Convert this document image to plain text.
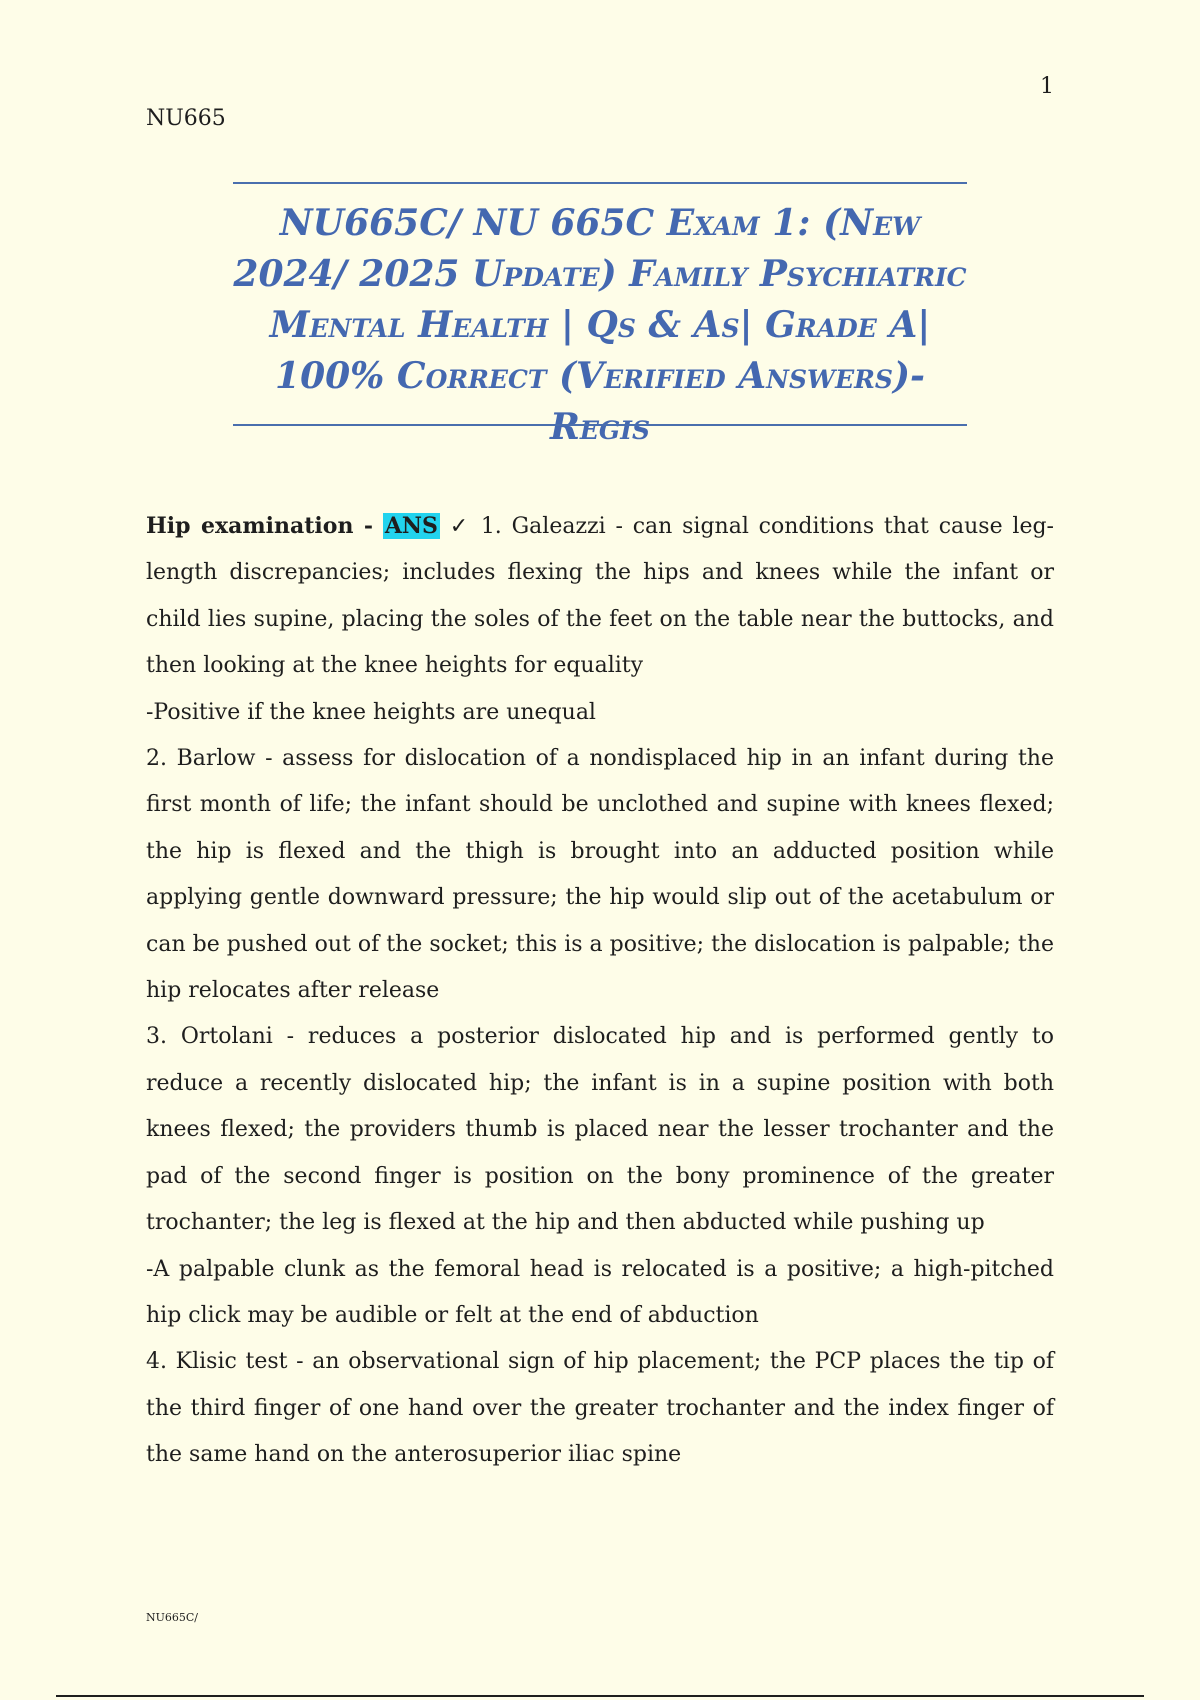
1
NU665
NU665C/ NU 665C Exam 1: (New 2024/ 2025 Update) Family Psychiatric Mental Health | Qs & As| Grade A| 100% Correct (Verified Answers)- Regis

Hip examination - ANS ✓ 1. Galeazzi - can signal conditions that cause leg-length discrepancies; includes flexing the hips and knees while the infant or child lies supine, placing the soles of the feet on the table near the buttocks, and then looking at the knee heights for equality

-Positive if the knee heights are unequal

2. Barlow - assess for dislocation of a nondisplaced hip in an infant during the first month of life; the infant should be unclothed and supine with knees flexed; the hip is flexed and the thigh is brought into an adducted position while applying gentle downward pressure; the hip would slip out of the acetabulum or can be pushed out of the socket; this is a positive; the dislocation is palpable; the hip relocates after release

3. Ortolani - reduces a posterior dislocated hip and is performed gently to reduce a recently dislocated hip; the infant is in a supine position with both knees flexed; the providers thumb is placed near the lesser trochanter and the pad of the second finger is position on the bony prominence of the greater trochanter; the leg is flexed at the hip and then abducted while pushing up

-A palpable clunk as the femoral head is relocated is a positive; a high-pitched hip click may be audible or felt at the end of abduction

4. Klisic test - an observational sign of hip placement; the PCP places the tip of the third finger of one hand over the greater trochanter and the index finger of the same hand on the anterosuperior iliac spine

NU665C/
